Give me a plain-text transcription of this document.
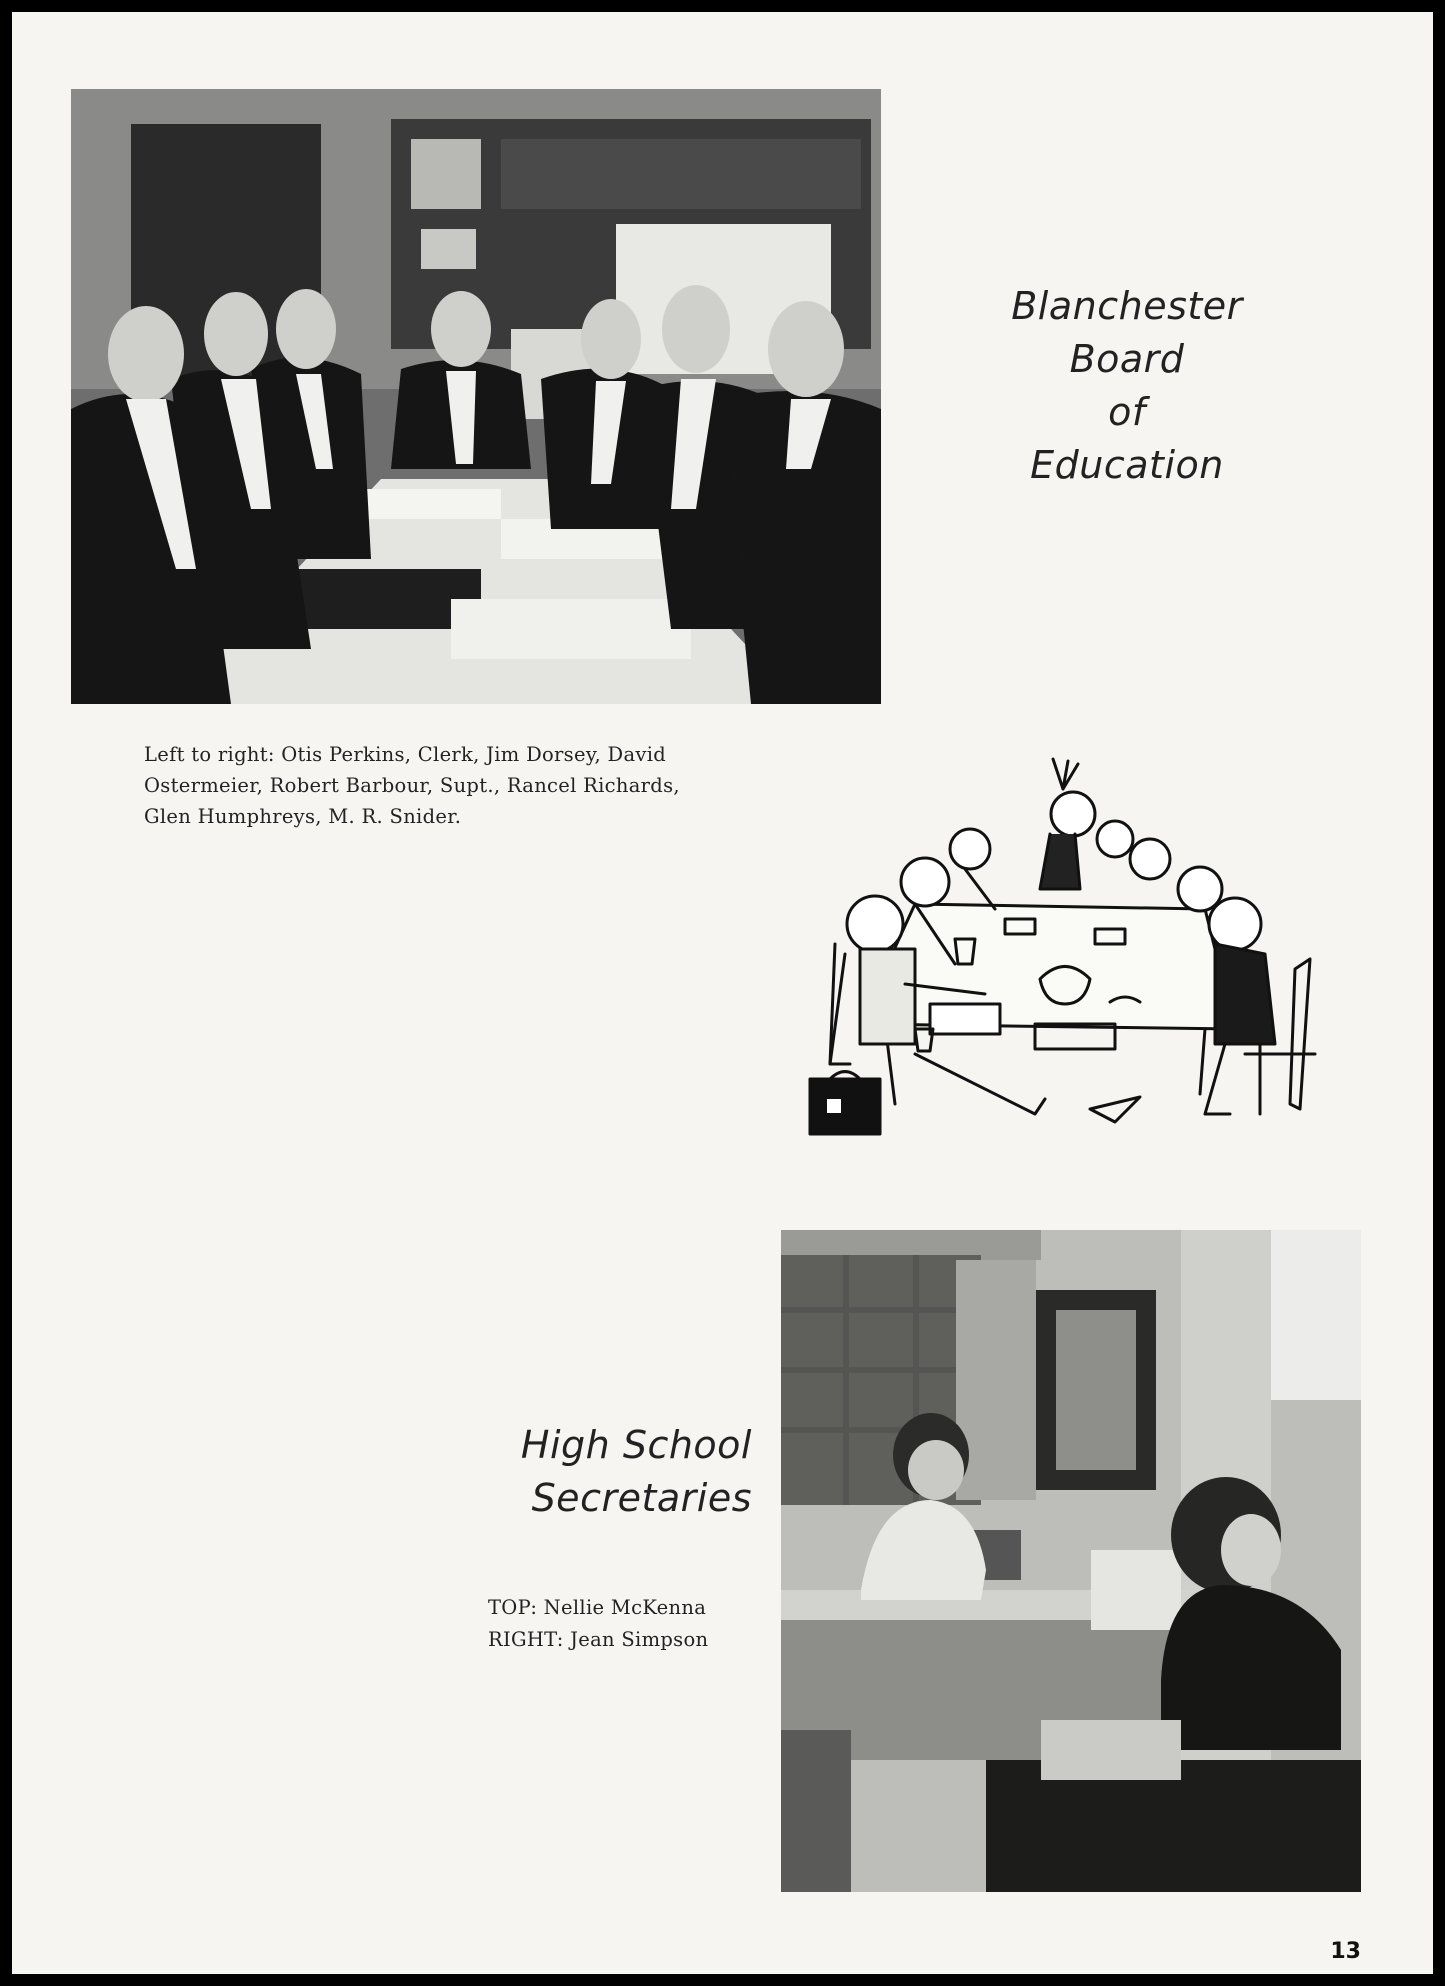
Blanchester
Board
of
Education
Left to right: Otis Perkins, Clerk, Jim Dorsey, David
Ostermeier, Robert Barbour, Supt., Rancel Richards,
Glen Humphreys, M. R. Snider.
High School
Secretaries
TOP: Nellie McKenna
RIGHT: Jean Simpson
13
